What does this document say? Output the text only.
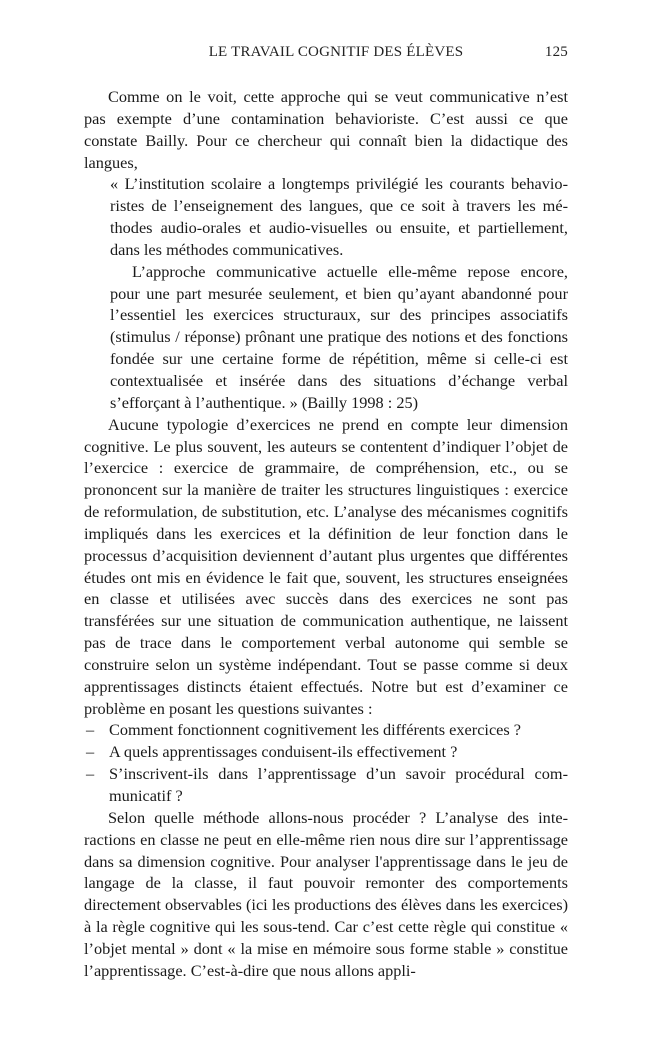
LE TRAVAIL COGNITIF DES ÉLÈVES	125

Comme on le voit, cette approche qui se veut communicative n’est pas exempte d’une contamination behavioriste. C’est aussi ce que constate Bailly. Pour ce chercheur qui connaît bien la didactique des langues,

« L’institution scolaire a longtemps privilégié les courants behavioristes de l’enseignement des langues, que ce soit à travers les méthodes audio-orales et audio-visuelles ou ensuite, et partiellement, dans les méthodes communicatives.

L’approche communicative actuelle elle-même repose encore, pour une part mesurée seulement, et bien qu’ayant abandonné pour l’essentiel les exercices structuraux, sur des principes associatifs (stimulus / réponse) prônant une pratique des notions et des fonctions fondée sur une certaine forme de répétition, même si celle-ci est contextualisée et insérée dans des situations d’échange verbal s’efforçant à l’authentique. » (Bailly 1998 : 25)

Aucune typologie d’exercices ne prend en compte leur dimension cognitive. Le plus souvent, les auteurs se contentent d’indiquer l’objet de l’exercice : exercice de grammaire, de compréhension, etc., ou se prononcent sur la manière de traiter les structures linguistiques : exercice de reformulation, de substitution, etc. L’analyse des mécanismes cognitifs impliqués dans les exercices et la définition de leur fonction dans le processus d’acquisition deviennent d’autant plus urgentes que différentes études ont mis en évidence le fait que, souvent, les structures enseignées en classe et utilisées avec succès dans des exercices ne sont pas transférées sur une situation de communication authentique, ne laissent pas de trace dans le comportement verbal autonome qui semble se construire selon un système indépendant. Tout se passe comme si deux apprentissages distincts étaient effectués. Notre but est d’examiner ce problème en posant les questions suivantes :

– Comment fonctionnent cognitivement les différents exercices ?
– A quels apprentissages conduisent-ils effectivement ?
– S’inscrivent-ils dans l’apprentissage d’un savoir procédural communicatif ?

Selon quelle méthode allons-nous procéder ? L’analyse des interactions en classe ne peut en elle-même rien nous dire sur l’apprentissage dans sa dimension cognitive. Pour analyser l'apprentissage dans le jeu de langage de la classe, il faut pouvoir remonter des comportements directement observables (ici les productions des élèves dans les exercices) à la règle cognitive qui les sous-tend. Car c’est cette règle qui constitue « l’objet mental » dont « la mise en mémoire sous forme stable » constitue l’apprentissage. C’est-à-dire que nous allons appli-
